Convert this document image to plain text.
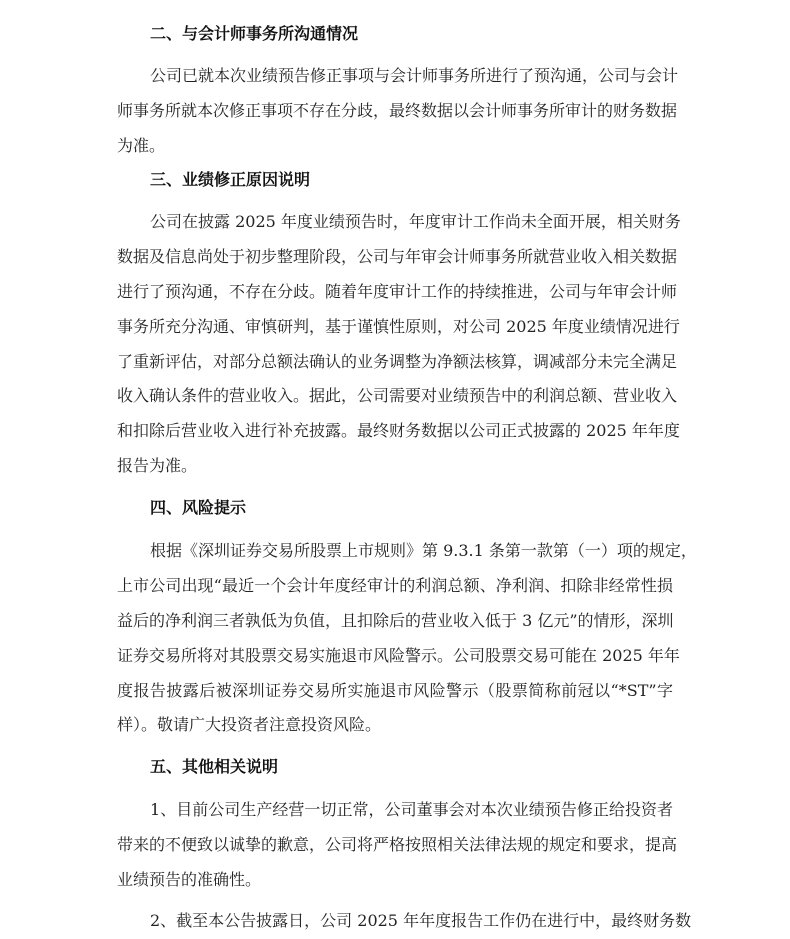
二、与会计师事务所沟通情况
公司已就本次业绩预告修正事项与会计师事务所进行了预沟通，公司与会计
师事务所就本次修正事项不存在分歧，最终数据以会计师事务所审计的财务数据
为准。
三、业绩修正原因说明
公司在披露 2025 年度业绩预告时，年度审计工作尚未全面开展，相关财务
数据及信息尚处于初步整理阶段，公司与年审会计师事务所就营业收入相关数据
进行了预沟通，不存在分歧。随着年度审计工作的持续推进，公司与年审会计师
事务所充分沟通、审慎研判，基于谨慎性原则，对公司 2025 年度业绩情况进行
了重新评估，对部分总额法确认的业务调整为净额法核算，调减部分未完全满足
收入确认条件的营业收入。据此，公司需要对业绩预告中的利润总额、营业收入
和扣除后营业收入进行补充披露。最终财务数据以公司正式披露的 2025 年年度
报告为准。
四、风险提示
根据《深圳证券交易所股票上市规则》第 9.3.1 条第一款第（一）项的规定，
上市公司出现“最近一个会计年度经审计的利润总额、净利润、扣除非经常性损
益后的净利润三者孰低为负值，且扣除后的营业收入低于 3 亿元”的情形，深圳
证券交易所将对其股票交易实施退市风险警示。公司股票交易可能在 2025 年年
度报告披露后被深圳证券交易所实施退市风险警示（股票简称前冠以“*ST”字
样）。敬请广大投资者注意投资风险。
五、其他相关说明
1、目前公司生产经营一切正常，公司董事会对本次业绩预告修正给投资者
带来的不便致以诚挚的歉意，公司将严格按照相关法律法规的规定和要求，提高
业绩预告的准确性。
2、截至本公告披露日，公司 2025 年年度报告工作仍在进行中，最终财务数
